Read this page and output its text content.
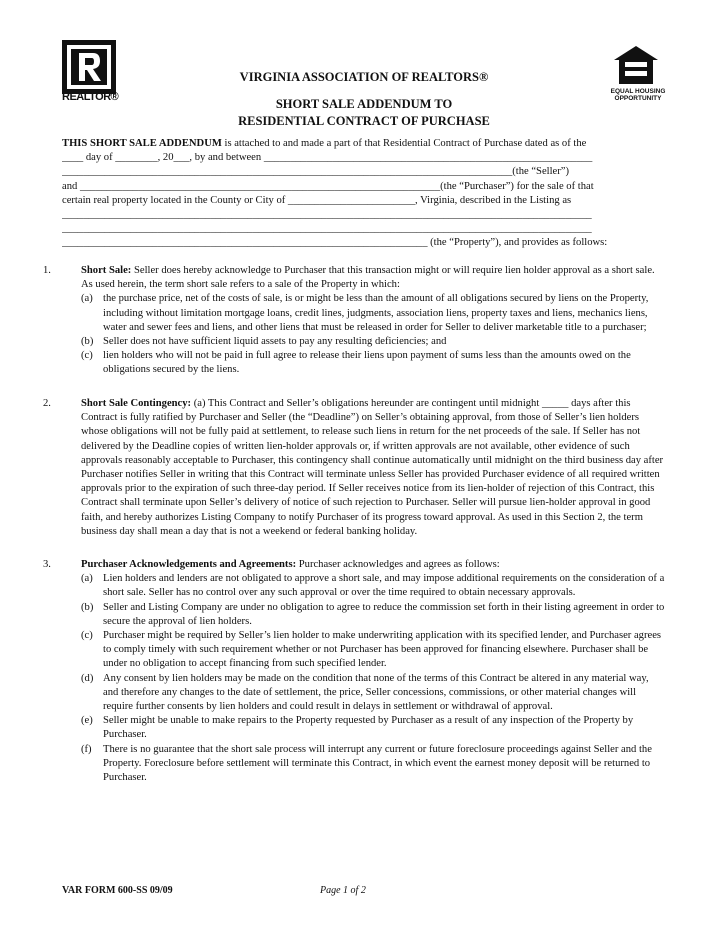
REALTOR®	EQUAL HOUSING OPPORTUNITY
VIRGINIA ASSOCIATION OF REALTORS®
SHORT SALE ADDENDUM TO
RESIDENTIAL CONTRACT OF PURCHASE
THIS SHORT SALE ADDENDUM is attached to and made a part of that Residential Contract of Purchase dated as of the
____ day of ________, 20___, by and between ______________________________________________________________
_____________________________________________________________________________________(the “Seller”)
and ____________________________________________________________________(the “Purchaser”) for the sale of that
certain real property located in the County or City of ________________________, Virginia, described in the Listing as
____________________________________________________________________________________________________
____________________________________________________________________________________________________
_____________________________________________________________________ (the “Property”), and provides as follows:

1.	Short Sale: Seller does hereby acknowledge to Purchaser that this transaction might or will require lien holder approval as a short sale. As used herein, the term short sale refers to a sale of the Property in which:

(a) the purchase price, net of the costs of sale, is or might be less than the amount of all obligations secured by liens on the Property, including without limitation mortgage loans, credit lines, judgments, association liens, property taxes and liens, mechanics liens, water and sewer fees and liens, and other liens that must be released in order for Seller to deliver marketable title to a purchaser;

(b) Seller does not have sufficient liquid assets to pay any resulting deficiencies; and

(c) lien holders who will not be paid in full agree to release their liens upon payment of sums less than the amounts owed on the obligations secured by the liens.

2.	Short Sale Contingency: (a) This Contract and Seller’s obligations hereunder are contingent until midnight _____ days after this Contract is fully ratified by Purchaser and Seller (the “Deadline”) on Seller’s obtaining approval, from those of Seller’s lien holders whose obligations will not be fully paid at settlement, to release such liens in return for the net proceeds of the sale. If Seller has not delivered by the Deadline copies of written lien-holder approvals or, if written approvals are not available, other evidence of such approvals reasonably acceptable to Purchaser, this contingency shall continue automatically until midnight on the third business day after Purchaser notifies Seller in writing that this Contract will terminate unless Seller has provided Purchaser evidence of all required written approvals prior to the expiration of such three-day period. If Seller receives notice from its lien-holder of rejection of this Contract, this Contract shall terminate upon Seller’s delivery of notice of such rejection to Purchaser. Seller will pursue lien-holder approval in good faith, and hereby authorizes Listing Company to notify Purchaser of its progress toward approval. As used in this Section 2, the term business day shall mean a day that is not a weekend or federal banking holiday.

3.	Purchaser Acknowledgements and Agreements: Purchaser acknowledges and agrees as follows:

(a) Lien holders and lenders are not obligated to approve a short sale, and may impose additional requirements on the consideration of a short sale. Seller has no control over any such approval or over the time required to obtain necessary approvals.

(b) Seller and Listing Company are under no obligation to agree to reduce the commission set forth in their listing agreement in order to secure the approval of lien holders.

(c) Purchaser might be required by Seller’s lien holder to make underwriting application with its specified lender, and Purchaser agrees to comply timely with such requirement whether or not Purchaser has been approved for financing elsewhere. Purchaser shall be under no obligation to accept financing from such specified lender.

(d) Any consent by lien holders may be made on the condition that none of the terms of this Contract be altered in any material way, and therefore any changes to the date of settlement, the price, Seller concessions, commissions, or other material changes will require further consents by lien holders and could result in delays in settlement or withdrawal of approval.

(e) Seller might be unable to make repairs to the Property requested by Purchaser as a result of any inspection of the Property by Purchaser.

(f) There is no guarantee that the short sale process will interrupt any current or future foreclosure proceedings against Seller and the Property. Foreclosure before settlement will terminate this Contract, in which event the earnest money deposit will be returned to Purchaser.

VAR FORM 600-SS 09/09	Page 1 of 2
